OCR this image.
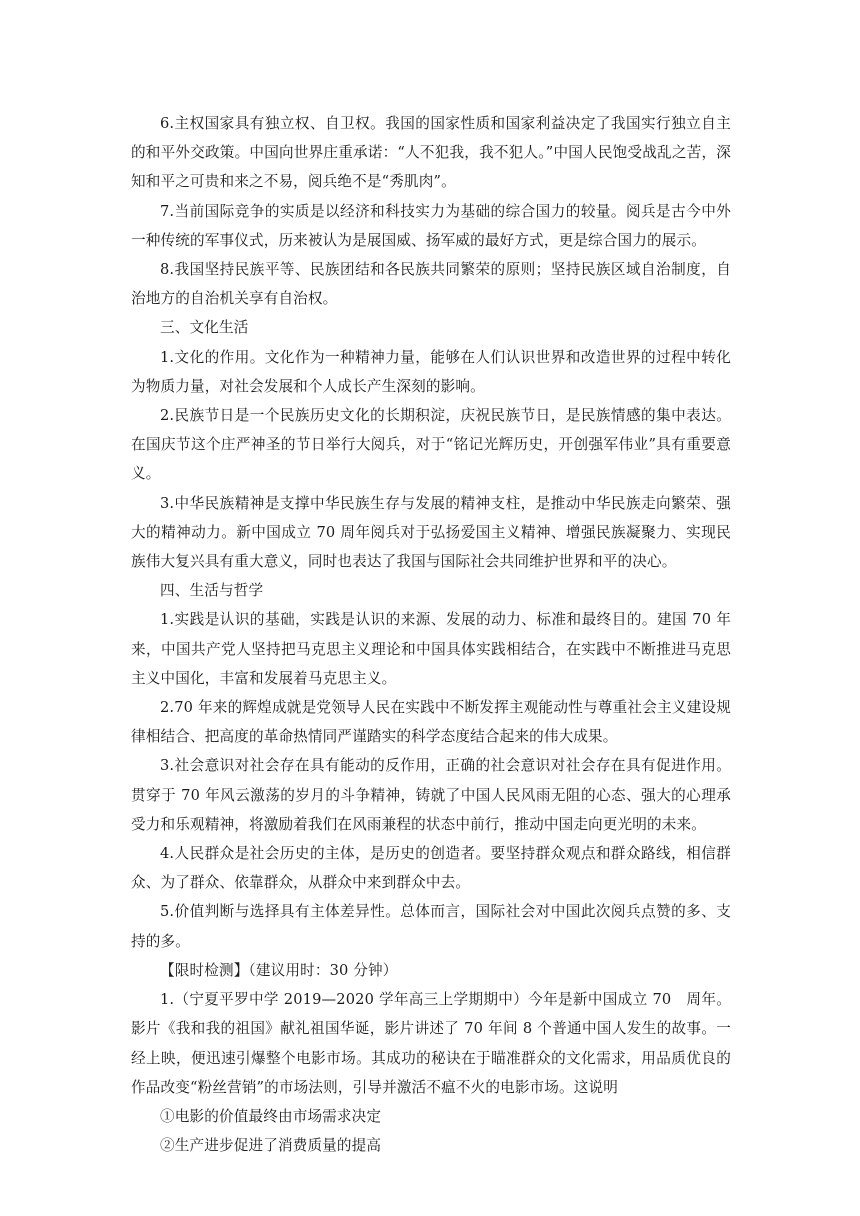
6.主权国家具有独立权、自卫权。我国的国家性质和国家利益决定了我国实行独立自主的和平外交政策。中国向世界庄重承诺：“人不犯我，我不犯人。”中国人民饱受战乱之苦，深知和平之可贵和来之不易，阅兵绝不是“秀肌肉”。

7.当前国际竞争的实质是以经济和科技实力为基础的综合国力的较量。阅兵是古今中外一种传统的军事仪式，历来被认为是展国威、扬军威的最好方式，更是综合国力的展示。

8.我国坚持民族平等、民族团结和各民族共同繁荣的原则；坚持民族区域自治制度，自治地方的自治机关享有自治权。

三、文化生活

1.文化的作用。文化作为一种精神力量，能够在人们认识世界和改造世界的过程中转化为物质力量，对社会发展和个人成长产生深刻的影响。

2.民族节日是一个民族历史文化的长期积淀，庆祝民族节日，是民族情感的集中表达。在国庆节这个庄严神圣的节日举行大阅兵，对于“铭记光辉历史，开创强军伟业”具有重要意义。

3.中华民族精神是支撑中华民族生存与发展的精神支柱，是推动中华民族走向繁荣、强大的精神动力。新中国成立 70 周年阅兵对于弘扬爱国主义精神、增强民族凝聚力、实现民族伟大复兴具有重大意义，同时也表达了我国与国际社会共同维护世界和平的决心。

四、生活与哲学

1.实践是认识的基础，实践是认识的来源、发展的动力、标准和最终目的。建国 70 年来，中国共产党人坚持把马克思主义理论和中国具体实践相结合，在实践中不断推进马克思主义中国化，丰富和发展着马克思主义。

2.70 年来的辉煌成就是党领导人民在实践中不断发挥主观能动性与尊重社会主义建设规律相结合、把高度的革命热情同严谨踏实的科学态度结合起来的伟大成果。

3.社会意识对社会存在具有能动的反作用，正确的社会意识对社会存在具有促进作用。贯穿于 70 年风云激荡的岁月的斗争精神，铸就了中国人民风雨无阻的心态、强大的心理承受力和乐观精神，将激励着我们在风雨兼程的状态中前行，推动中国走向更光明的未来。

4.人民群众是社会历史的主体，是历史的创造者。要坚持群众观点和群众路线，相信群众、为了群众、依靠群众，从群众中来到群众中去。

5.价值判断与选择具有主体差异性。总体而言，国际社会对中国此次阅兵点赞的多、支持的多。

【限时检测】（建议用时：30 分钟）

1.（宁夏平罗中学 2019—2020 学年高三上学期期中）今年是新中国成立 70　周年。影片《我和我的祖国》献礼祖国华诞，影片讲述了 70 年间 8 个普通中国人发生的故事。一经上映，便迅速引爆整个电影市场。其成功的秘诀在于瞄准群众的文化需求，用品质优良的作品改变“粉丝营销”的市场法则，引导并激活不瘟不火的电影市场。这说明

①电影的价值最终由市场需求决定

②生产进步促进了消费质量的提高
